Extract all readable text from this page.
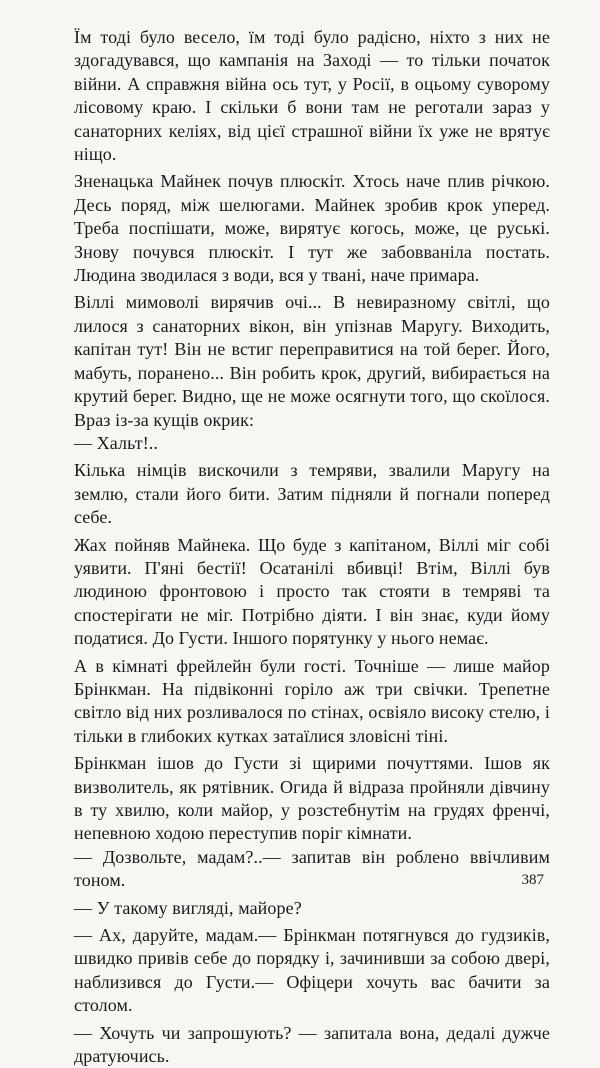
Їм тоді було весело, їм тоді було радісно, ніхто з них не здогадувався, що кампанія на Заході — то тільки початок війни. А справжня війна ось тут, у Росії, в оцьому суворому лісовому краю. І скільки б вони там не реготали зараз у санаторних келіях, від цієї страшної війни їх уже не врятує ніщо.

Зненацька Майнек почув плюскіт. Хтось наче плив річкою. Десь поряд, між шелюгами. Майнек зробив крок уперед. Треба поспішати, може, вирятує когось, може, це руські. Знову почувся плюскіт. І тут же забовваніла постать. Людина зводилася з води, вся у твані, наче примара.

Віллі мимоволі вирячив очі... В невиразному світлі, що лилося з санаторних вікон, він упізнав Маругу. Виходить, капітан тут! Він не встиг переправитися на той берег. Його, мабуть, поранено... Він робить крок, другий, вибирається на крутий берег. Видно, ще не може осягнути того, що скоїлося. Враз із-за кущів окрик:

— Хальт!..

Кілька німців вискочили з темряви, звалили Маругу на землю, стали його бити. Затим підняли й погнали поперед себе.

Жах пойняв Майнека. Що буде з капітаном, Віллі міг собі уявити. П'яні бестії! Осатанілі вбивці! Втім, Віллі був людиною фронтовою і просто так стояти в темряві та спостерігати не міг. Потрібно діяти. І він знає, куди йому податися. До Густи. Іншого порятунку у нього немає.

А в кімнаті фрейлейн були гості. Точніше — лише майор Брінкман. На підвіконні горіло аж три свічки. Трепетне світло від них розливалося по стінах, освіяло високу стелю, і тільки в глибоких кутках затаїлися зловісні тіні.

Брінкман ішов до Густи зі щирими почуттями. Ішов як визволитель, як рятівник. Огида й відраза пройняли дівчину в ту хвилю, коли майор, у розстебнутім на грудях френчі, непевною ходою переступив поріг кімнати.

— Дозвольте, мадам?..— запитав він роблено ввічливим тоном.

— У такому вигляді, майоре?

— Ах, даруйте, мадам.— Брінкман потягнувся до гудзиків, швидко привів себе до порядку і, зачинивши за собою двері, наблизився до Густи.— Офіцери хочуть вас бачити за столом.

— Хочуть чи запрошують? — запитала вона, дедалі дужче дратуючись.

387
